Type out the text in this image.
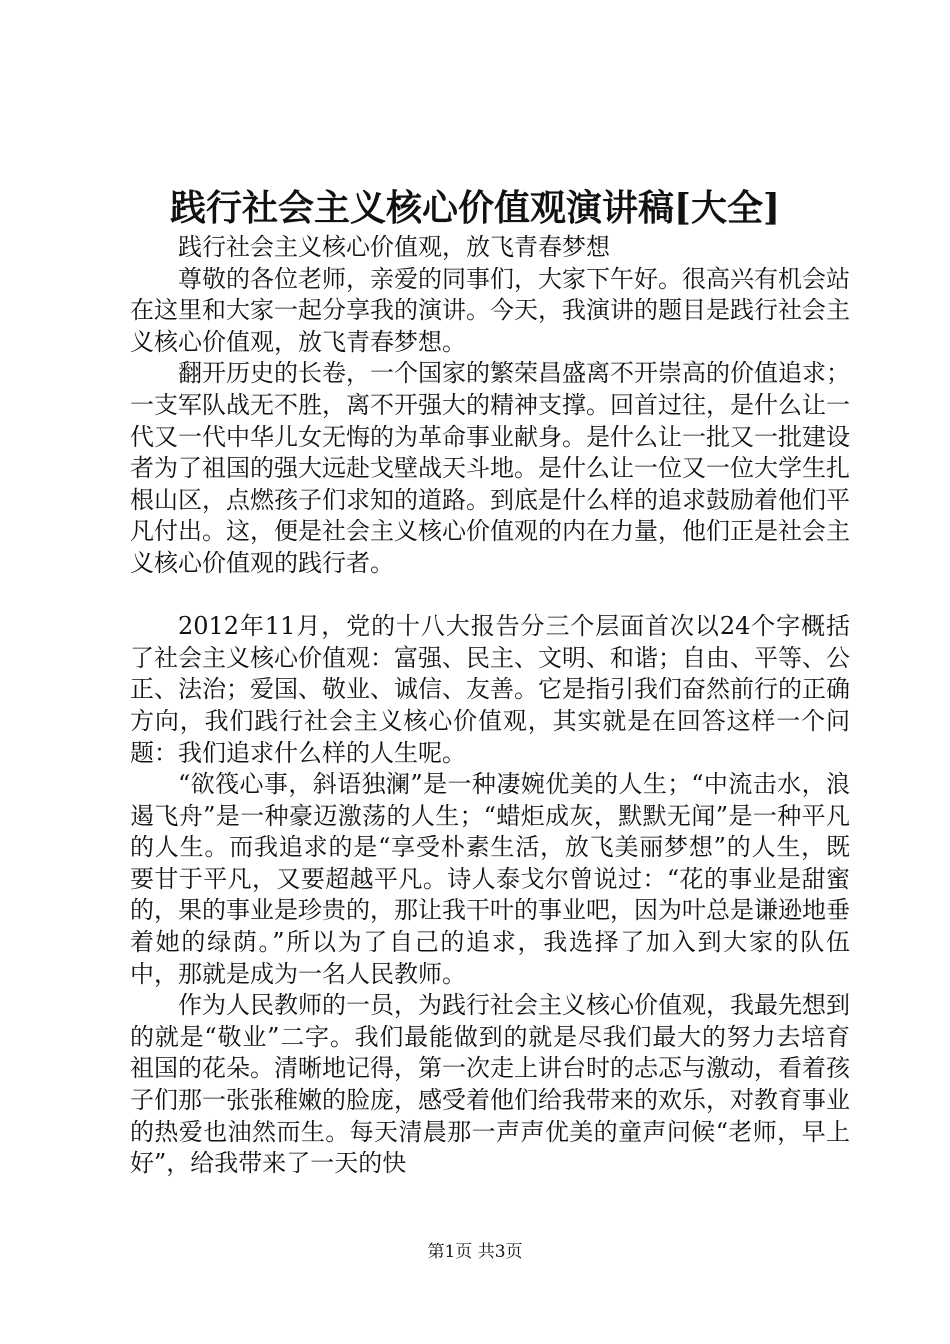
践行社会主义核心价值观演讲稿[大全]

践行社会主义核心价值观，放飞青春梦想

尊敬的各位老师，亲爱的同事们，大家下午好。很高兴有机会站在这里和大家一起分享我的演讲。今天，我演讲的题目是践行社会主义核心价值观，放飞青春梦想。

翻开历史的长卷，一个国家的繁荣昌盛离不开崇高的价值追求；一支军队战无不胜，离不开强大的精神支撑。回首过往，是什么让一代又一代中华儿女无悔的为革命事业献身。是什么让一批又一批建设者为了祖国的强大远赴戈壁战天斗地。是什么让一位又一位大学生扎根山区，点燃孩子们求知的道路。到底是什么样的追求鼓励着他们平凡付出。这，便是社会主义核心价值观的内在力量，他们正是社会主义核心价值观的践行者。

2012年11月，党的十八大报告分三个层面首次以24个字概括了社会主义核心价值观：富强、民主、文明、和谐；自由、平等、公正、法治；爱国、敬业、诚信、友善。它是指引我们奋然前行的正确方向，我们践行社会主义核心价值观，其实就是在回答这样一个问题：我们追求什么样的人生呢。

“欲筏心事，斜语独澜”是一种凄婉优美的人生；“中流击水，浪遏飞舟”是一种豪迈激荡的人生；“蜡炬成灰，默默无闻”是一种平凡的人生。而我追求的是“享受朴素生活，放飞美丽梦想”的人生，既要甘于平凡，又要超越平凡。诗人泰戈尔曾说过：“花的事业是甜蜜的，果的事业是珍贵的，那让我干叶的事业吧，因为叶总是谦逊地垂着她的绿荫。”所以为了自己的追求，我选择了加入到大家的队伍中，那就是成为一名人民教师。

作为人民教师的一员，为践行社会主义核心价值观，我最先想到的就是“敬业”二字。我们最能做到的就是尽我们最大的努力去培育祖国的花朵。清晰地记得，第一次走上讲台时的忐忑与激动，看着孩子们那一张张稚嫩的脸庞，感受着他们给我带来的欢乐，对教育事业的热爱也油然而生。每天清晨那一声声优美的童声问候“老师，早上好”，给我带来了一天的快

第1页 共3页
